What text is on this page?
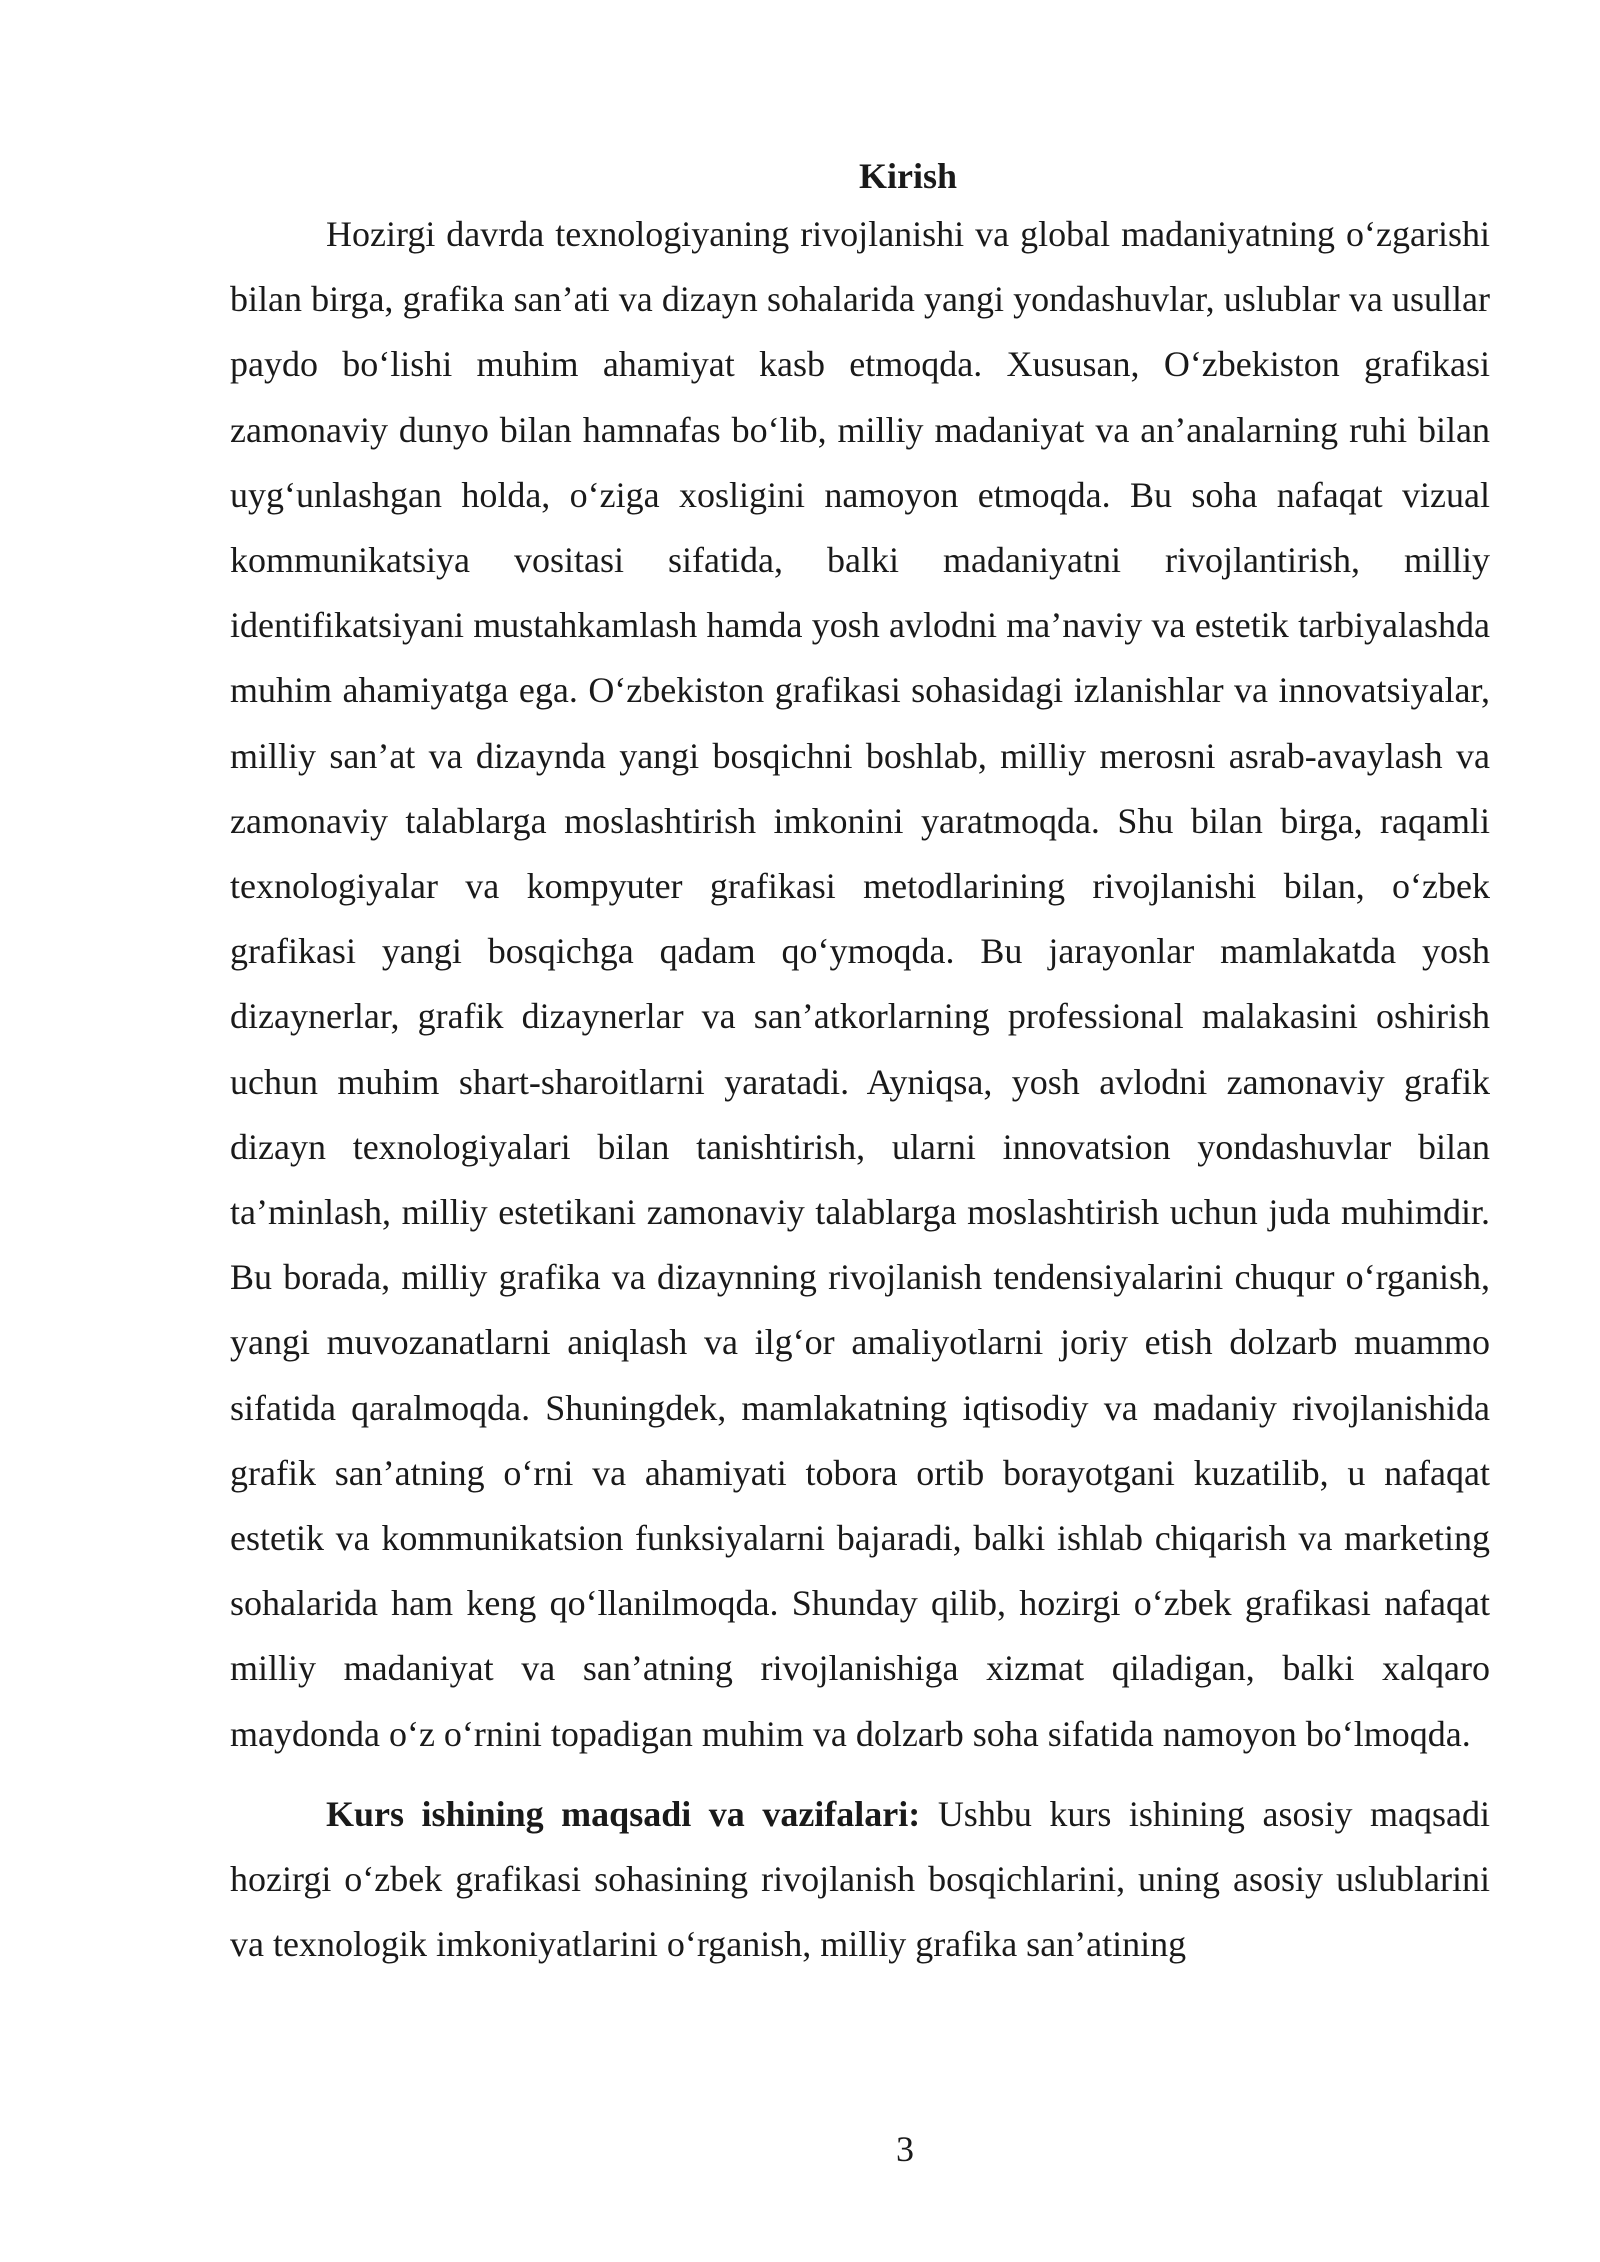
Kirish

Hozirgi davrda texnologiyaning rivojlanishi va global madaniyatning o‘zgarishi bilan birga, grafika san’ati va dizayn sohalarida yangi yondashuvlar, uslublar va usullar paydo bo‘lishi muhim ahamiyat kasb etmoqda. Xususan, O‘zbekiston grafikasi zamonaviy dunyo bilan hamnafas bo‘lib, milliy madaniyat va an’analarning ruhi bilan uyg‘unlashgan holda, o‘ziga xosligini namoyon etmoqda. Bu soha nafaqat vizual kommunikatsiya vositasi sifatida, balki madaniyatni rivojlantirish, milliy identifikatsiyani mustahkamlash hamda yosh avlodni ma’naviy va estetik tarbiyalashda muhim ahamiyatga ega. O‘zbekiston grafikasi sohasidagi izlanishlar va innovatsiyalar, milliy san’at va dizaynda yangi bosqichni boshlab, milliy merosni asrab-avaylash va zamonaviy talablarga moslashtirish imkonini yaratmoqda. Shu bilan birga, raqamli texnologiyalar va kompyuter grafikasi metodlarining rivojlanishi bilan, o‘zbek grafikasi yangi bosqichga qadam qo‘ymoqda. Bu jarayonlar mamlakatda yosh dizaynerlar, grafik dizaynerlar va san’atkorlarning professional malakasini oshirish uchun muhim shart-sharoitlarni yaratadi. Ayniqsa, yosh avlodni zamonaviy grafik dizayn texnologiyalari bilan tanishtirish, ularni innovatsion yondashuvlar bilan ta’minlash, milliy estetikani zamonaviy talablarga moslashtirish uchun juda muhimdir. Bu borada, milliy grafika va dizaynning rivojlanish tendensiyalarini chuqur o‘rganish, yangi muvozanatlarni aniqlash va ilg‘or amaliyotlarni joriy etish dolzarb muammo sifatida qaralmoqda. Shuningdek, mamlakatning iqtisodiy va madaniy rivojlanishida grafik san’atning o‘rni va ahamiyati tobora ortib borayotgani kuzatilib, u nafaqat estetik va kommunikatsion funksiyalarni bajaradi, balki ishlab chiqarish va marketing sohalarida ham keng qo‘llanilmoqda. Shunday qilib, hozirgi o‘zbek grafikasi nafaqat milliy madaniyat va san’atning rivojlanishiga xizmat qiladigan, balki xalqaro maydonda o‘z o‘rnini topadigan muhim va dolzarb soha sifatida namoyon bo‘lmoqda.

Kurs ishining maqsadi va vazifalari: Ushbu kurs ishining asosiy maqsadi hozirgi o‘zbek grafikasi sohasining rivojlanish bosqichlarini, uning asosiy uslublarini va texnologik imkoniyatlarini o‘rganish, milliy grafika san’atining

3
